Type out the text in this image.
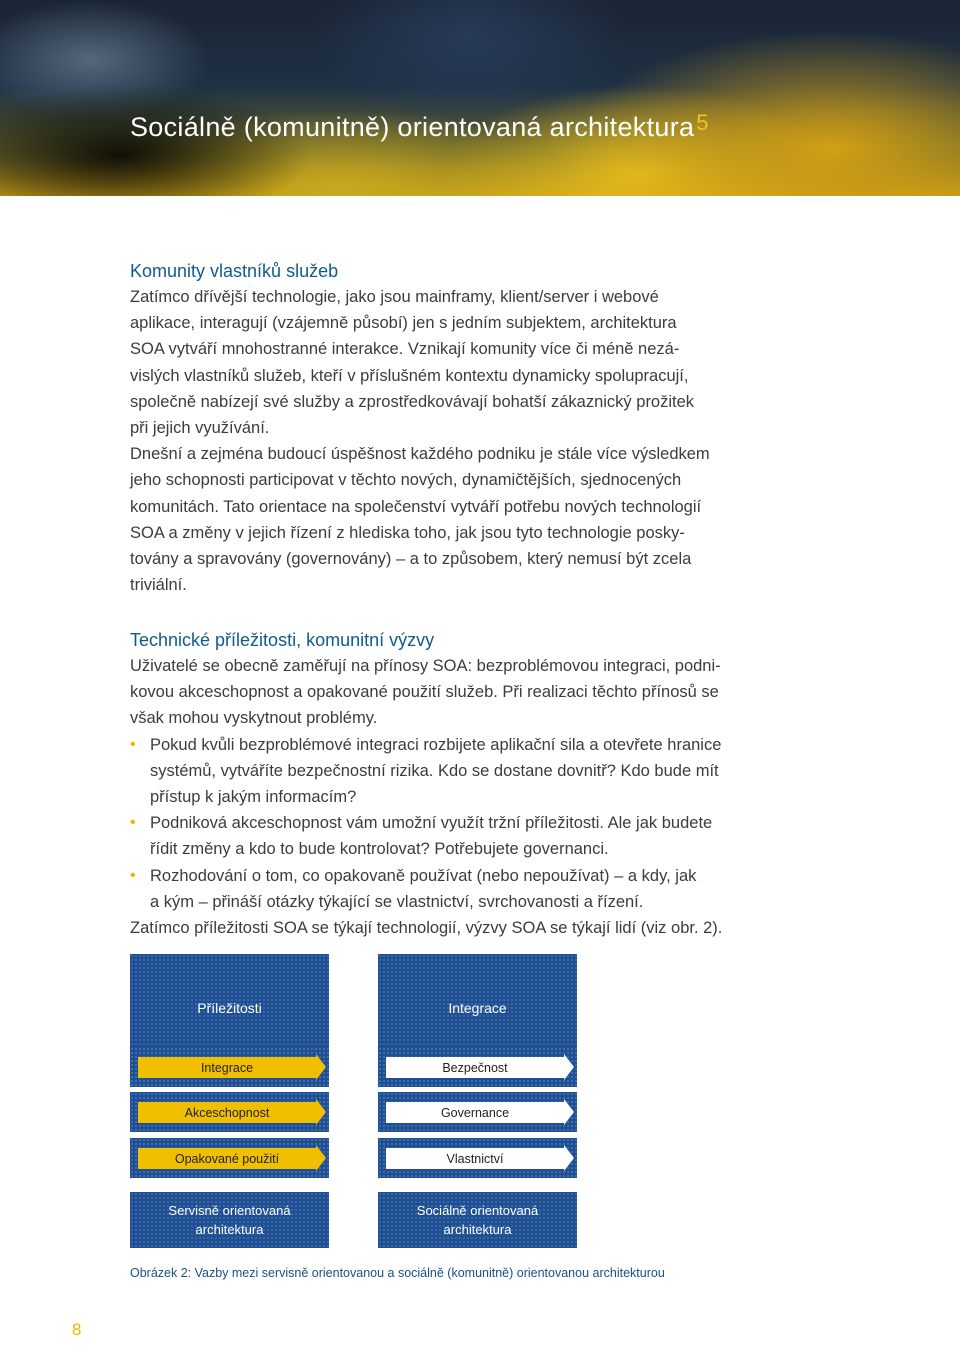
Sociálně (komunitně) orientovaná architektura$^5$
Komunity vlastníků služeb

Zatímco dřívější technologie, jako jsou mainframy, klient/server i webové
aplikace, interagují (vzájemně působí) jen s jedním subjektem, architektura
SOA vytváří mnohostranné interakce. Vznikají komunity více či méně nezá-
vislých vlastníků služeb, kteří v příslušném kontextu dynamicky spolupracují,
společně nabízejí své služby a zprostředkovávají bohatší zákaznický prožitek
při jejich využívání.
Dnešní a zejména budoucí úspěšnost každého podniku je stále více výsledkem
jeho schopnosti participovat v těchto nových, dynamičtějších, sjednocených
komunitách. Tato orientace na společenství vytváří potřebu nových technologií
SOA a změny v jejich řízení z hlediska toho, jak jsou tyto technologie posky-
továny a spravovány (governovány) – a to způsobem, který nemusí být zcela
triviální.

Technické příležitosti, komunitní výzvy

Uživatelé se obecně zaměřují na přínosy SOA: bezproblémovou integraci, podni-
kovou akceschopnost a opakované použití služeb. Při realizaci těchto přínosů se
však mohou vyskytnout problémy.

• Pokud kvůli bezproblémové integraci rozbijete aplikační sila a otevřete hranice
systémů, vytváříte bezpečnostní rizika. Kdo se dostane dovnitř? Kdo bude mít
přístup k jakým informacím?
• Podniková akceschopnost vám umožní využít tržní příležitosti. Ale jak budete
řídit změny a kdo to bude kontrolovat? Potřebujete governanci.
• Rozhodování o tom, co opakovaně používat (nebo nepoužívat) – a kdy, jak
a kým – přináší otázky týkající se vlastnictví, svrchovanosti a řízení.

Zatímco příležitosti SOA se týkají technologií, výzvy SOA se týkají lidí (viz obr. 2).

Příležitosti	Integrace
Integrace	Bezpečnost
Akceschopnost	Governance
Opakované použití	Vlastnictví
Servisně orientovaná
architektura
Sociálně orientovaná
architektura
Obrázek 2: Vazby mezi servisně orientovanou a sociálně (komunitně) orientovanou architekturou
8
